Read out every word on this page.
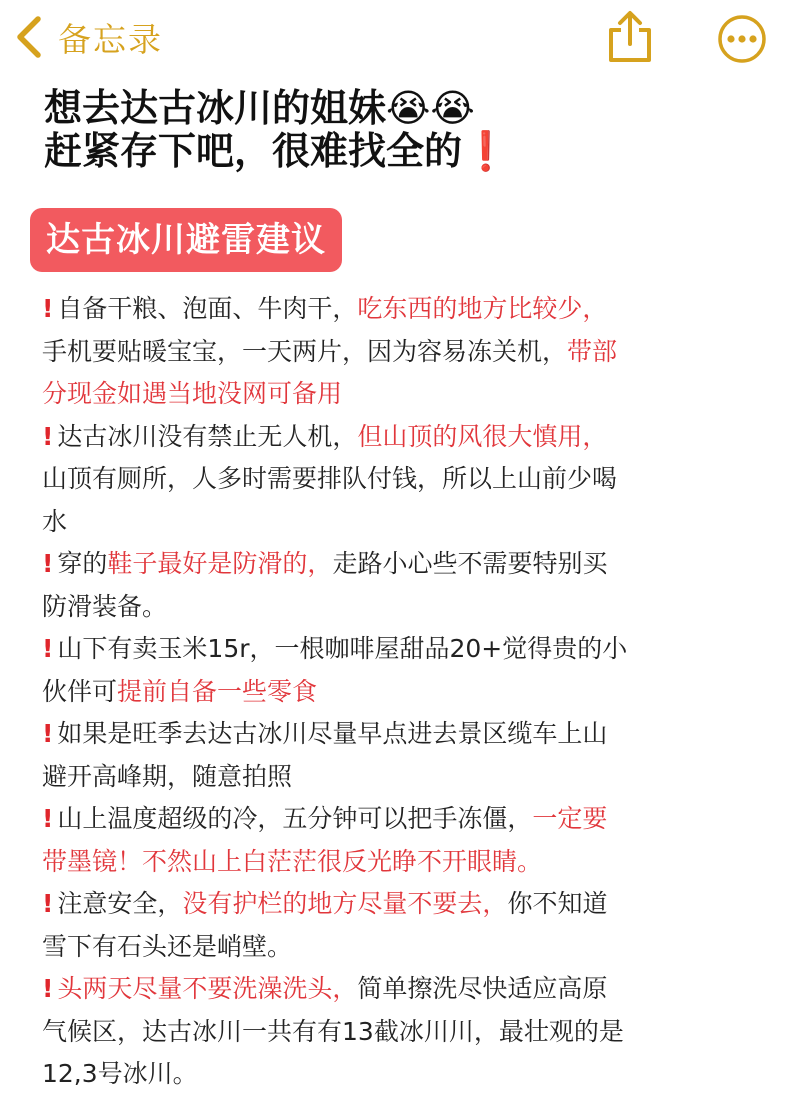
备忘录
想去达古冰川的姐妹😭😭
赶紧存下吧，很难找全的❗
达古冰川避雷建议
! 自备干粮、泡面、牛肉干，吃东西的地方比较少，
手机要贴暖宝宝，一天两片，因为容易冻关机，带部
分现金如遇当地没网可备用
! 达古冰川没有禁止无人机，但山顶的风很大慎用，
山顶有厕所，人多时需要排队付钱，所以上山前少喝
水
! 穿的鞋子最好是防滑的，走路小心些不需要特别买
防滑装备。
! 山下有卖玉米15r，一根咖啡屋甜品20+觉得贵的小
伙伴可提前自备一些零食
! 如果是旺季去达古冰川尽量早点进去景区缆车上山
避开高峰期，随意拍照
! 山上温度超级的冷，五分钟可以把手冻僵，一定要
带墨镜！不然山上白茫茫很反光睁不开眼睛。
! 注意安全，没有护栏的地方尽量不要去，你不知道
雪下有石头还是峭壁。
! 头两天尽量不要洗澡洗头，简单擦洗尽快适应高原
气候区，达古冰川一共有有13截冰川川，最壮观的是
12,3号冰川。
